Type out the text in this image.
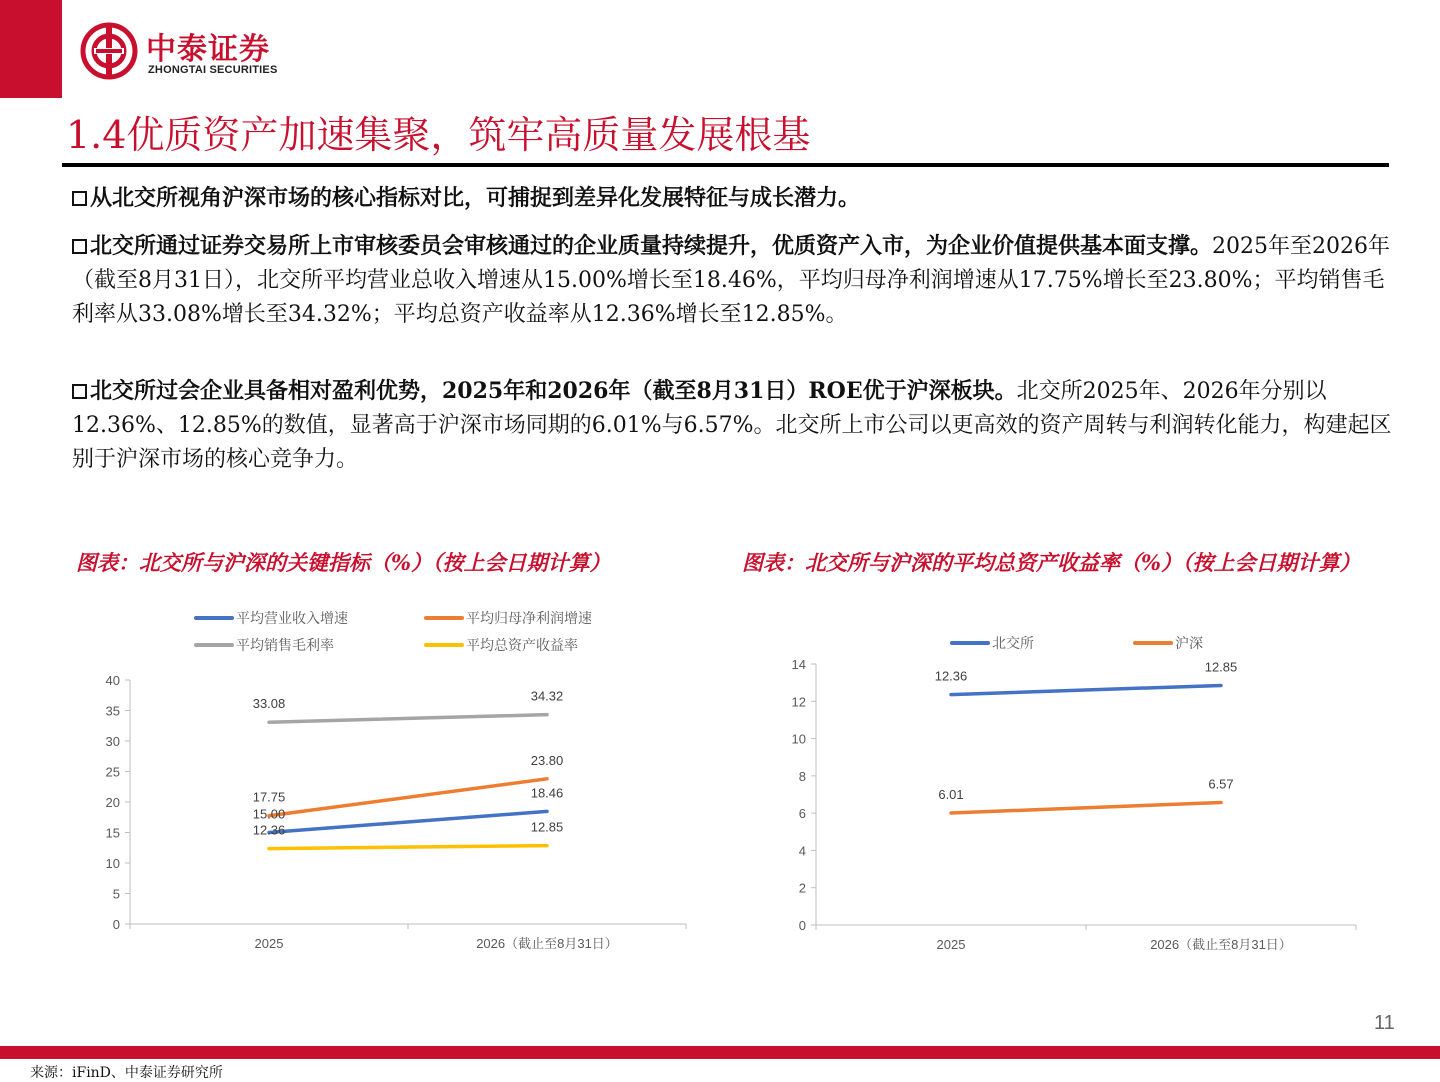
中泰证券
ZHONGTAI SECURITIES
1.4优质资产加速集聚，筑牢高质量发展根基
从北交所视角沪深市场的核心指标对比，可捕捉到差异化发展特征与成长潜力。
北交所通过证券交易所上市审核委员会审核通过的企业质量持续提升，优质资产入市，为企业价值提供基本面支撑。2025年至2026年（截至8月31日），北交所平均营业总收入增速从15.00%增长至18.46%，平均归母净利润增速从17.75%增长至23.80%；平均销售毛利率从33.08%增长至34.32%；平均总资产收益率从12.36%增长至12.85%。
北交所过会企业具备相对盈利优势，2025年和2026年（截至8月31日）ROE优于沪深板块。北交所2025年、2026年分别以12.36%、12.85%的数值，显著高于沪深市场同期的6.01%与6.57%。北交所上市公司以更高效的资产周转与利润转化能力，构建起区别于沪深市场的核心竞争力。
图表：北交所与沪深的关键指标（%）（按上会日期计算）	图表：北交所与沪深的平均总资产收益率（%）（按上会日期计算）
平均营业收入增速	平均归母净利润增速
平均销售毛利率	平均总资产收益率
0
5
10
15
20
25
30
35
40
2025	2026（截止至8月31日）
15.00
18.46
17.75
23.80
33.08
34.32
12.36	12.85
北交所	沪深
0
2
4
6
8
10
12
14
2025	2026（截止至8月31日）
12.36
12.85
6.01
6.57
11
来源：iFinD、中泰证券研究所
